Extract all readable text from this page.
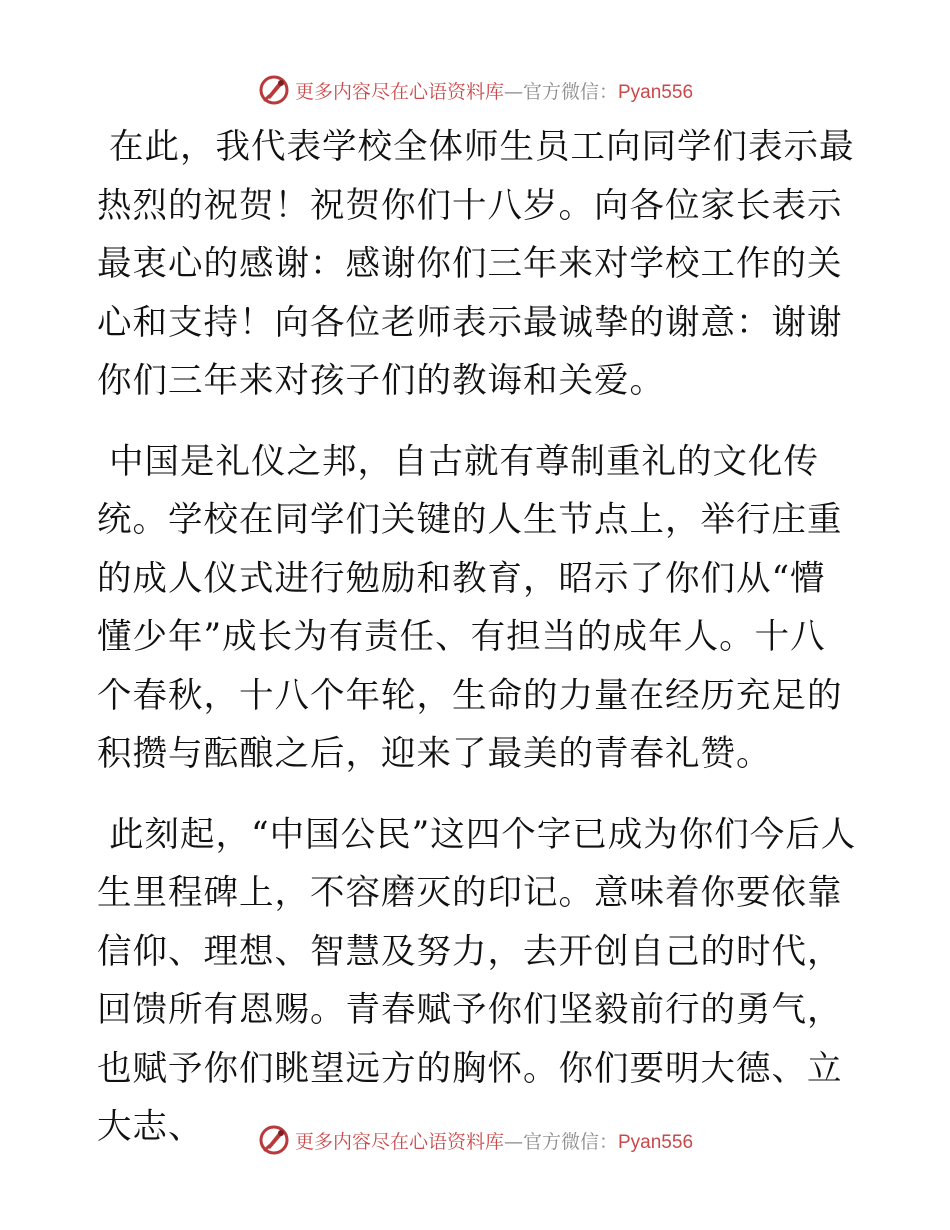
更多内容尽在心语资料库—官方微信：Pyan556

在此，我代表学校全体师生员工向同学们表示最热烈的祝贺！祝贺你们十八岁。向各位家长表示最衷心的感谢：感谢你们三年来对学校工作的关心和支持！向各位老师表示最诚挚的谢意：谢谢你们三年来对孩子们的教诲和关爱。

中国是礼仪之邦，自古就有尊制重礼的文化传统。学校在同学们关键的人生节点上，举行庄重的成人仪式进行勉励和教育，昭示了你们从“懵懂少年”成长为有责任、有担当的成年人。十八个春秋，十八个年轮，生命的力量在经历充足的积攒与酝酿之后，迎来了最美的青春礼赞。

此刻起，“中国公民”这四个字已成为你们今后人生里程碑上，不容磨灭的印记。意味着你要依靠信仰、理想、智慧及努力，去开创自己的时代，回馈所有恩赐。青春赋予你们坚毅前行的勇气，也赋予你们眺望远方的胸怀。你们要明大德、立大志、	更多内容尽在心语资料库—官方微信：Pyan556
